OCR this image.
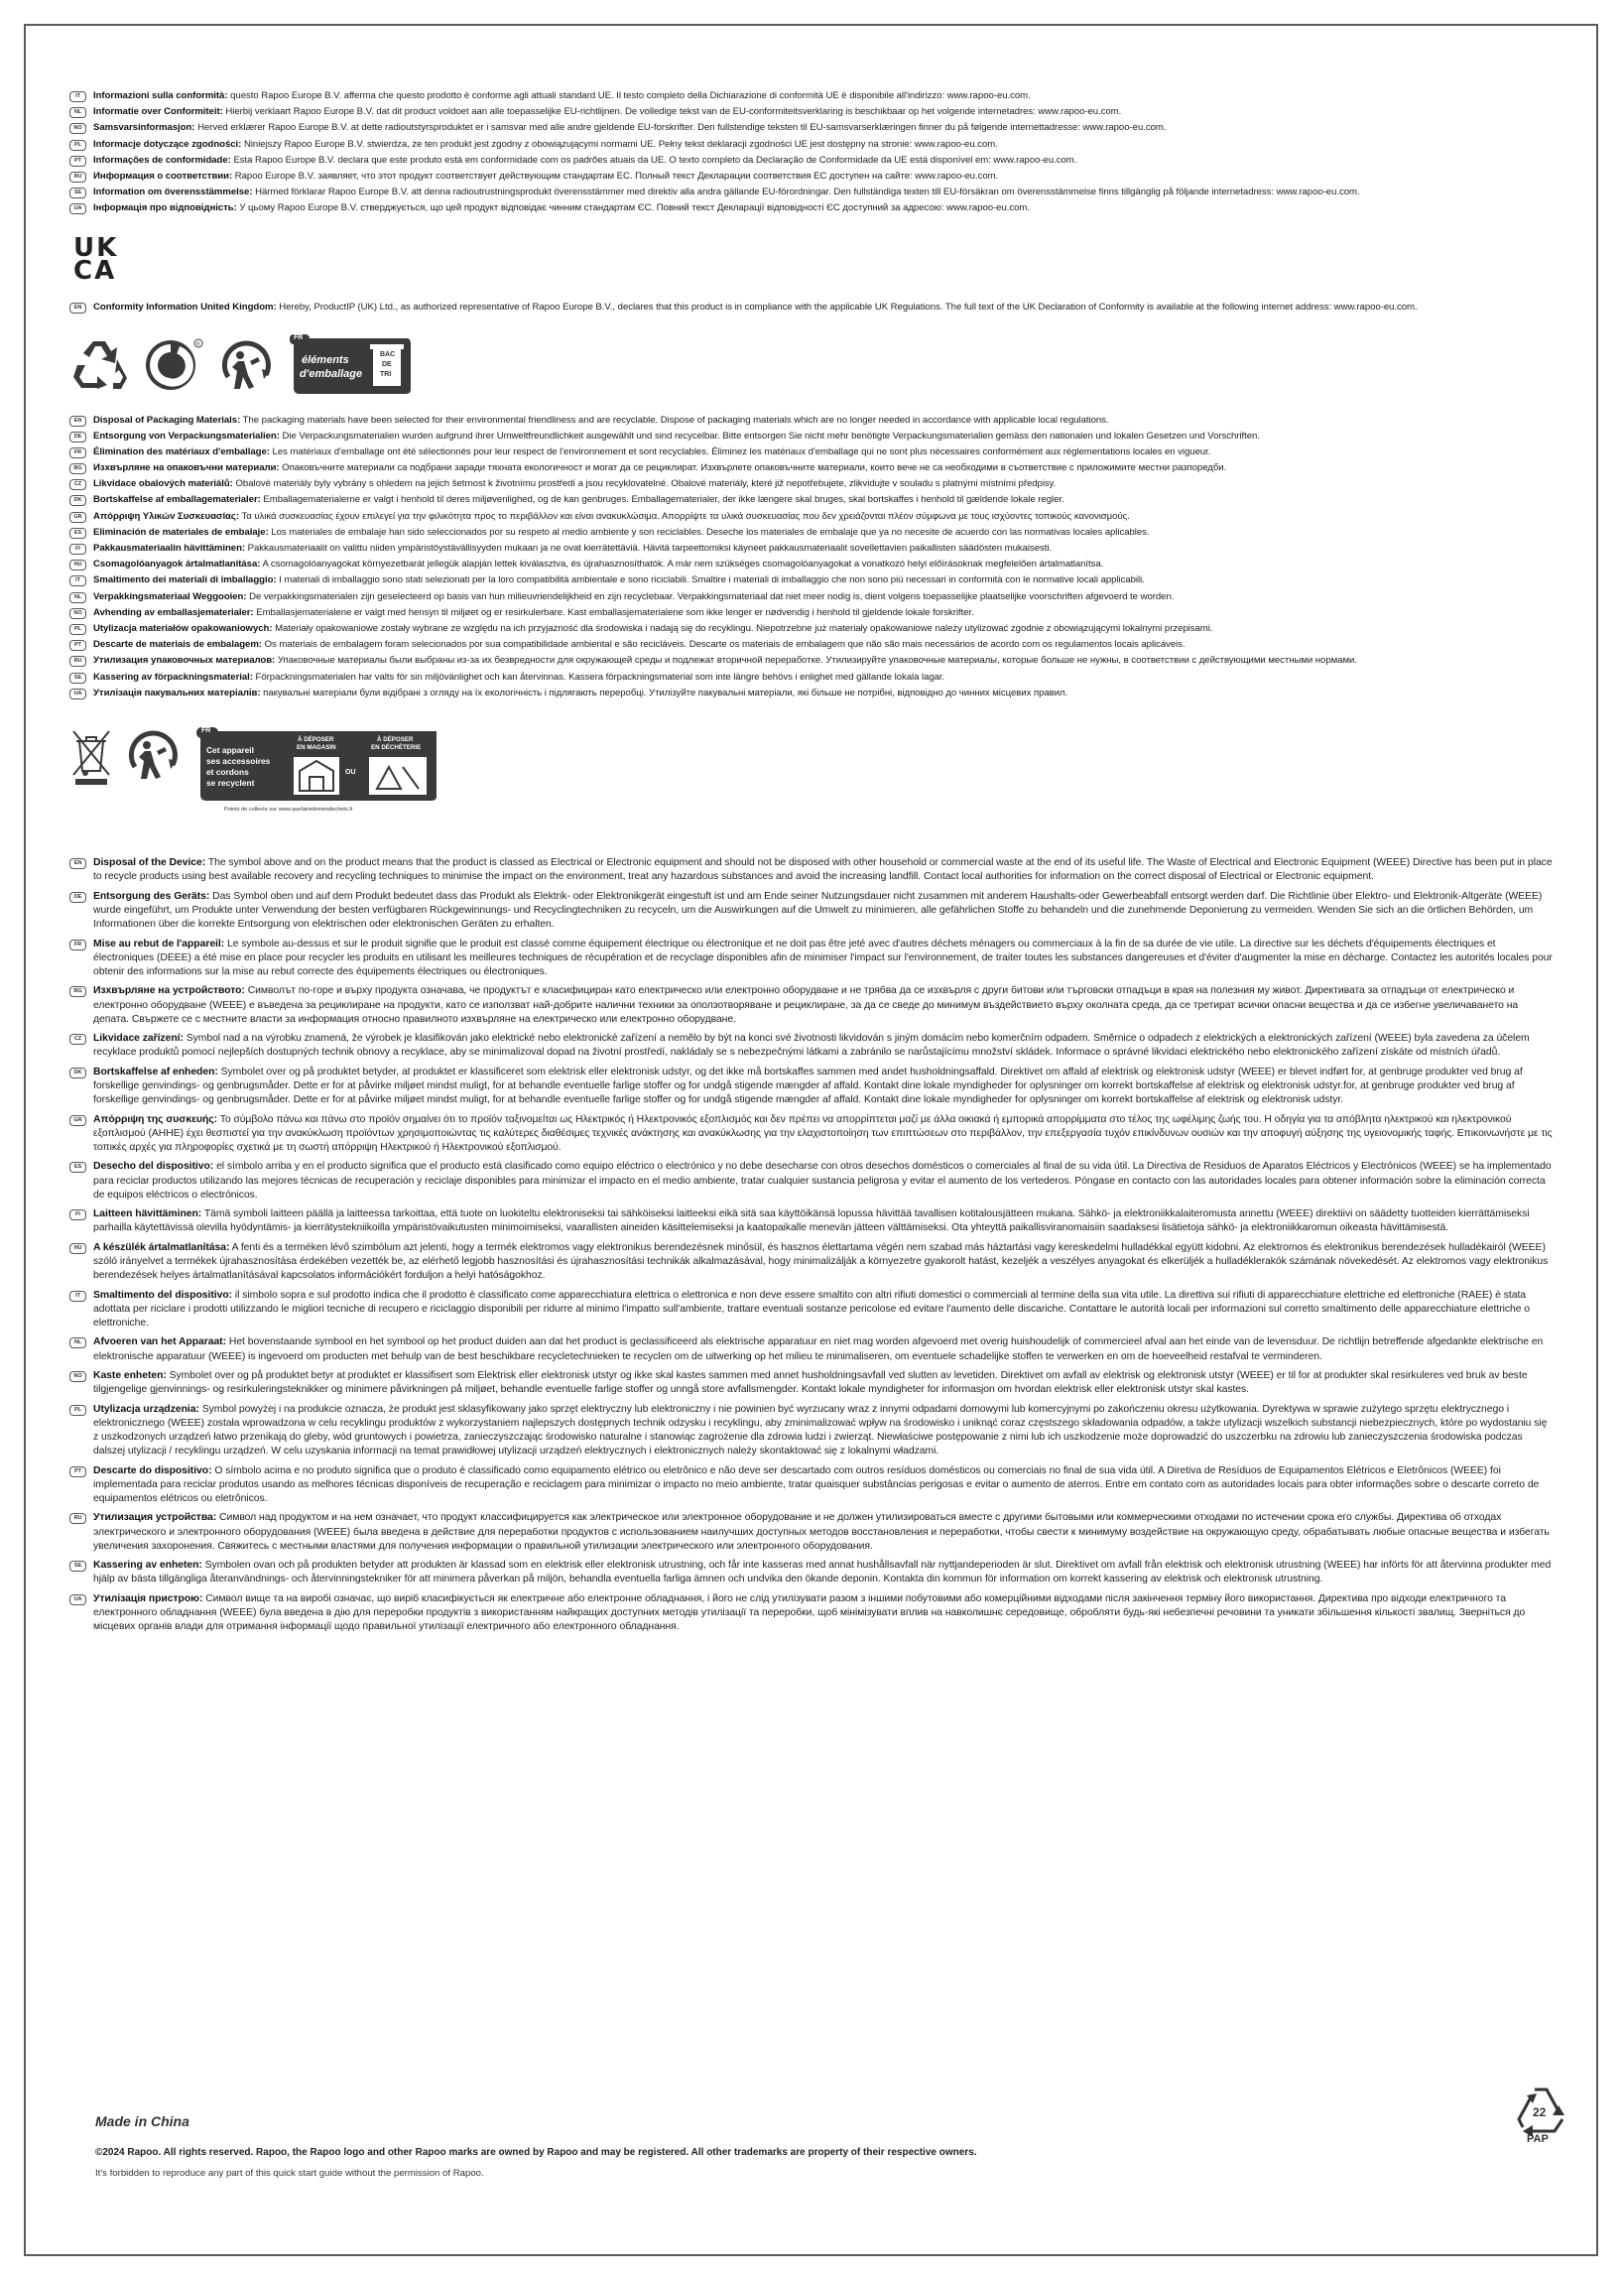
IT	Informazioni sulla conformità: questo Rapoo Europe B.V. afferma che questo prodotto è conforme agli attuali standard UE. Il testo completo della Dichiarazione di conformità UE è disponibile all'indirizzo: www.rapoo-eu.com.
NL	Informatie over Conformiteit: Hierbij verklaart Rapoo Europe B.V. dat dit product voldoet aan alle toepasselijke EU-richtlijnen. De volledige tekst van de EU-conformiteitsverklaring is beschikbaar op het volgende internetadres: www.rapoo-eu.com.
NO	Samsvarsinformasjon: Herved erklærer Rapoo Europe B.V. at dette radioutstyrsproduktet er i samsvar med alle andre gjeldende EU-forskrifter. Den fullstendige teksten til EU-samsvarserklæringen finner du på følgende internettadresse: www.rapoo-eu.com.
PL	Informacje dotyczące zgodności: Niniejszy Rapoo Europe B.V. stwierdza, że ten produkt jest zgodny z obowiązującymi normami UE. Pełny tekst deklaracji zgodności UE jest dostępny na stronie: www.rapoo-eu.com.
PT	Informações de conformidade: Esta Rapoo Europe B.V. declara que este produto está em conformidade com os padrões atuais da UE. O texto completo da Declaração de Conformidade da UE está disponível em: www.rapoo-eu.com.
RU	Информация о соответствии: Rapoo Europe B.V. заявляет, что этот продукт соответствует действующим стандартам ЕС. Полный текст Декларации соответствия ЕС доступен на сайте: www.rapoo-eu.com.
SE	Information om överensstämmelse: Härmed förklarar Rapoo Europe B.V. att denna radioutrustningsprodukt överensstämmer med direktiv alla andra gällande EU-förordningar. Den fullständiga texten till EU-försäkran om överensstämmelse finns tillgänglig på följande internetadress: www.rapoo-eu.com.
UA	Інформація про відповідність: У цьому Rapoo Europe B.V. стверджується, що цей продукт відповідає чинним стандартам ЄС. Повний текст Декларації відповідності ЄС доступний за адресою: www.rapoo-eu.com.
UK
CA
EN	Conformity Information United Kingdom: Hereby, ProductIP (UK) Ltd., as authorized representative of Rapoo Europe B.V., declares that this product is in compliance with the applicable UK Regulations. The full text of the UK Declaration of Conformity is available at the following internet address: www.rapoo-eu.com.
R
FR
éléments
d'emballage
BAC
DE
TRI
EN	Disposal of Packaging Materials: The packaging materials have been selected for their environmental friendliness and are recyclable. Dispose of packaging materials which are no longer needed in accordance with applicable local regulations.
DE	Entsorgung von Verpackungsmaterialien: Die Verpackungsmaterialien wurden aufgrund ihrer Umweltfreundlichkeit ausgewählt und sind recycelbar. Bitte entsorgen Sie nicht mehr benötigte Verpackungsmaterialien gemäss den nationalen und lokalen Gesetzen und Vorschriften.
FR	Élimination des matériaux d'emballage: Les matériaux d'emballage ont été sélectionnés pour leur respect de l'environnement et sont recyclables. Éliminez les matériaux d'emballage qui ne sont plus nécessaires conformément aux réglementations locales en vigueur.
BG	Изхвърляне на опаковъчни материали: Опаковъчните материали са подбрани заради тяхната екологичност и могат да се рециклират. Изхвърлете опаковъчните материали, които вече не са необходими в съответствие с приложимите местни разпоредби.
CZ	Likvidace obalových materiálů: Obalové materiály byly vybrány s ohledem na jejich šetrnost k životnímu prostředí a jsou recyklovatelné. Obalové materiály, které již nepotřebujete, zlikvidujte v souladu s platnými místními předpisy.
DK	Bortskaffelse af emballagematerialer: Emballagematerialerne er valgt i henhold til deres miljøvenlighed, og de kan genbruges. Emballagematerialer, der ikke længere skal bruges, skal bortskaffes i henhold til gældende lokale regler.
GR	Απόρριψη Υλικών Συσκευασίας: Τα υλικά συσκευασίας έχουν επιλεγεί για την φιλικότητα προς το περιβάλλον και είναι ανακυκλώσιμα. Απορρίψτε τα υλικά συσκευασίας που δεν χρειάζονται πλέον σύμφωνα με τους ισχύοντες τοπικούς κανονισμούς.
ES	Eliminación de materiales de embalaje: Los materiales de embalaje han sido seleccionados por su respeto al medio ambiente y son reciclables. Deseche los materiales de embalaje que ya no necesite de acuerdo con las normativas locales aplicables.
FI	Pakkausmateriaalin hävittäminen: Pakkausmateriaalit on valittu niiden ympäristöystävällisyyden mukaan ja ne ovat kierrätettäviä. Hävitä tarpeettomiksi käyneet pakkausmateriaalit sovellettavien paikallisten säädösten mukaisesti.
HU	Csomagolóanyagok ártalmatlanítása: A csomagolóanyagokat környezetbarát jellegük alapján lettek kiválasztva, és újrahasznosíthatók. A már nem szükséges csomagolóanyagokat a vonatkozó helyi előírásoknak megfelelően ártalmatlanítsa.
IT	Smaltimento dei materiali di imballaggio: I materiali di imballaggio sono stati selezionati per la loro compatibilità ambientale e sono riciclabili. Smaltire i materiali di imballaggio che non sono più necessari in conformità con le normative locali applicabili.
NL	Verpakkingsmateriaal Weggooien: De verpakkingsmaterialen zijn geselecteerd op basis van hun milieuvriendelijkheid en zijn recyclebaar. Verpakkingsmateriaal dat niet meer nodig is, dient volgens toepasselijke plaatselijke voorschriften afgevoerd te worden.
NO	Avhending av emballasjematerialer: Emballasjematerialene er valgt med hensyn til miljøet og er resirkulerbare. Kast emballasjematerialene som ikke lenger er nødvendig i henhold til gjeldende lokale forskrifter.
PL	Utylizacja materiałów opakowaniowych: Materiały opakowaniowe zostały wybrane ze względu na ich przyjazność dla środowiska i nadają się do recyklingu. Niepotrzebne już materiały opakowaniowe należy utylizować zgodnie z obowiązującymi lokalnymi przepisami.
PT	Descarte de materiais de embalagem: Os materiais de embalagem foram selecionados por sua compatibilidade ambiental e são recicláveis. Descarte os materiais de embalagem que não são mais necessários de acordo com os regulamentos locais aplicáveis.
RU	Утилизация упаковочных материалов: Упаковочные материалы были выбраны из-за их безвредности для окружающей среды и подлежат вторичной переработке. Утилизируйте упаковочные материалы, которые больше не нужны, в соответствии с действующими местными нормами.
SE	Kassering av förpackningsmaterial: Förpackningsmaterialen har valts för sin miljövänlighet och kan återvinnas. Kassera förpackningsmaterial som inte längre behövs i enlighet med gällande lokala lagar.
UA	Утилізація пакувальних матеріалів: пакувальні матеріали були відібрані з огляду на їх екологічність і підлягають переробці. Утилізуйте пакувальні матеріали, які більше не потрібні, відповідно до чинних місцевих правил.
FR
Cet appareil
ses accessoires
et cordons
se recyclent
À DÉPOSER
EN MAGASIN
À DÉPOSER
EN DÉCHÈTERIE
OU
Points de collecte sur www.quefairedemesdechets.fr
EN	Disposal of the Device: The symbol above and on the product means that the product is classed as Electrical or Electronic equipment and should not be disposed with other household or commercial waste at the end of its useful life. The Waste of Electrical and Electronic Equipment (WEEE) Directive has been put in place to recycle products using best available recovery and recycling techniques to minimise the impact on the environment, treat any hazardous substances and avoid the increasing landfill. Contact local authorities for information on the correct disposal of Electrical or Electronic equipment.
DE	Entsorgung des Geräts: Das Symbol oben und auf dem Produkt bedeutet dass das Produkt als Elektrik- oder Elektronikgerät eingestuft ist und am Ende seiner Nutzungsdauer nicht zusammen mit anderem Haushalts-oder Gewerbeabfall entsorgt werden darf. Die Richtlinie über Elektro- und Elektronik-Altgeräte (WEEE) wurde eingeführt, um Produkte unter Verwendung der besten verfügbaren Rückgewinnungs- und Recyclingtechniken zu recyceln, um die Auswirkungen auf die Umwelt zu minimieren, alle gefährlichen Stoffe zu behandeln und die zunehmende Deponierung zu vermeiden. Wenden Sie sich an die örtlichen Behörden, um Informationen über die korrekte Entsorgung von elektrischen oder elektronischen Geräten zu erhalten.
FR	Mise au rebut de l'appareil: Le symbole au-dessus et sur le produit signifie que le produit est classé comme équipement électrique ou électronique et ne doit pas être jeté avec d'autres déchets ménagers ou commerciaux à la fin de sa durée de vie utile. La directive sur les déchets d'équipements électriques et électroniques (DEEE) a été mise en place pour recycler les produits en utilisant les meilleures techniques de récupération et de recyclage disponibles afin de minimiser l'impact sur l'environnement, de traiter toutes les substances dangereuses et d'éviter d'augmenter la mise en décharge. Contactez les autorités locales pour obtenir des informations sur la mise au rebut correcte des équipements électriques ou électroniques.
BG	Изхвърляне на устройството: Символът по-горе и върху продукта означава, че продуктът е класифициран като електрическо или електронно оборудване и не трябва да се изхвърля с други битови или търговски отпадъци в края на полезния му живот. Директивата за отпадъци от електрическо и електронно оборудване (WEEE) е въведена за рециклиране на продукти, като се използват най-добрите налични техники за оползотворяване и рециклиране, за да се сведе до минимум въздействието върху околната среда, да се третират всички опасни вещества и да се избегне увеличаването на депата. Свържете се с местните власти за информация относно правилното изхвърляне на електрическо или електронно оборудване.
CZ	Likvidace zařízení: Symbol nad a na výrobku znamená, že výrobek je klasifikován jako elektrické nebo elektronické zařízení a nemělo by být na konci své životnosti likvidován s jiným domácím nebo komerčním odpadem. Směrnice o odpadech z elektrických a elektronických zařízení (WEEE) byla zavedena za účelem recyklace produktů pomocí nejlepších dostupných technik obnovy a recyklace, aby se minimalizoval dopad na životní prostředí, nakládaly se s nebezpečnými látkami a zabránilo se narůstajícímu množství skládek. Informace o správné likvidaci elektrického nebo elektronického zařízení získáte od místních úřadů.
DK	Bortskaffelse af enheden: Symbolet over og på produktet betyder, at produktet er klassificeret som elektrisk eller elektronisk udstyr, og det ikke må bortskaffes sammen med andet husholdningsaffald. Direktivet om affald af elektrisk og elektronisk udstyr (WEEE) er blevet indført for, at genbruge produkter ved brug af forskellige genvindings- og genbrugsmåder. Dette er for at påvirke miljøet mindst muligt, for at behandle eventuelle farlige stoffer og for undgå stigende mængder af affald. Kontakt dine lokale myndigheder for oplysninger om korrekt bortskaffelse af elektrisk og elektronisk udstyr.for, at genbruge produkter ved brug af forskellige genvindings- og genbrugsmåder. Dette er for at påvirke miljøet mindst muligt, for at behandle eventuelle farlige stoffer og for undgå stigende mængder af affald. Kontakt dine lokale myndigheder for oplysninger om korrekt bortskaffelse af elektrisk og elektronisk udstyr.
GR	Απόρριψη της συσκευής: Το σύμβολο πάνω και πάνω στο προϊόν σημαίνει ότι το προϊόν ταξινομείται ως Ηλεκτρικός ή Ηλεκτρονικός εξοπλισμός και δεν πρέπει να απορρίπτεται μαζί με άλλα οικιακά ή εμπορικά απορρίμματα στο τέλος της ωφέλιμης ζωής του. Η οδηγία για τα απόβλητα ηλεκτρικού και ηλεκτρονικού εξοπλισμού (ΑΗΗΕ) έχει θεσπιστεί για την ανακύκλωση προϊόντων χρησιμοποιώντας τις καλύτερες διαθέσιμες τεχνικές ανάκτησης και ανακύκλωσης για την ελαχιστοποίηση των επιπτώσεων στο περιβάλλον, την επεξεργασία τυχόν επικίνδυνων ουσιών και την αποφυγή αύξησης της υγειονομικής ταφής. Επικοινωνήστε με τις τοπικές αρχές για πληροφορίες σχετικά με τη σωστή απόρριψη Ηλεκτρικού ή Ηλεκτρονικού εξοπλισμού.
ES	Desecho del dispositivo: el símbolo arriba y en el producto significa que el producto está clasificado como equipo eléctrico o electrónico y no debe desecharse con otros desechos domésticos o comerciales al final de su vida útil. La Directiva de Residuos de Aparatos Eléctricos y Electrónicos (WEEE) se ha implementado para reciclar productos utilizando las mejores técnicas de recuperación y reciclaje disponibles para minimizar el impacto en el medio ambiente, tratar cualquier sustancia peligrosa y evitar el aumento de los vertederos. Póngase en contacto con las autoridades locales para obtener información sobre la eliminación correcta de equipos eléctricos o electrónicos.
FI	Laitteen hävittäminen: Tämä symboli laitteen päällä ja laitteessa tarkoittaa, että tuote on luokiteltu elektroniseksi tai sähköiseksi laitteeksi eikä sitä saa käyttöikänsä lopussa hävittää tavallisen kotitalousjätteen mukana. Sähkö- ja elektroniikkalaiteromusta annettu (WEEE) direktiivi on säädetty tuotteiden kierrättämiseksi parhailla käytettävissä olevilla hyödyntämis- ja kierrätystekniikoilla ympäristövaikutusten minimoimiseksi, vaarallisten aineiden käsittelemiseksi ja kaatopaikalle menevän jätteen välttämiseksi. Ota yhteyttä paikallisviranomaisiin saadaksesi lisätietoja sähkö- ja elektroniikkaromun oikeasta hävittämisestä.
HU	A készülék ártalmatlanítása: A fenti és a terméken lévő szimbólum azt jelenti, hogy a termék elektromos vagy elektronikus berendezésnek minősül, és hasznos élettartama végén nem szabad más háztartási vagy kereskedelmi hulladékkal együtt kidobni. Az elektromos és elektronikus berendezések hulladékairól (WEEE) szóló irányelvet a termékek újrahasznosítása érdekében vezették be, az elérhető legjobb hasznosítási és újrahasznosítási technikák alkalmazásával, hogy minimalizálják a környezetre gyakorolt hatást, kezeljék a veszélyes anyagokat és elkerüljék a hulladéklerakók számának növekedését. Az elektromos vagy elektronikus berendezések helyes ártalmatlanításával kapcsolatos információkért forduljon a helyi hatóságokhoz.
IT	Smaltimento del dispositivo: il simbolo sopra e sul prodotto indica che il prodotto è classificato come apparecchiatura elettrica o elettronica e non deve essere smaltito con altri rifiuti domestici o commerciali al termine della sua vita utile. La direttiva sui rifiuti di apparecchiature elettriche ed elettroniche (RAEE) è stata adottata per riciclare i prodotti utilizzando le migliori tecniche di recupero e riciclaggio disponibili per ridurre al minimo l'impatto sull'ambiente, trattare eventuali sostanze pericolose ed evitare l'aumento delle discariche. Contattare le autorità locali per informazioni sul corretto smaltimento delle apparecchiature elettriche o elettroniche.
NL	Afvoeren van het Apparaat: Het bovenstaande symbool en het symbool op het product duiden aan dat het product is geclassificeerd als elektrische apparatuur en niet mag worden afgevoerd met overig huishoudelijk of commercieel afval aan het einde van de levensduur. De richtlijn betreffende afgedankte elektrische en elektronische apparatuur (WEEE) is ingevoerd om producten met behulp van de best beschikbare recycletechnieken te recyclen om de uitwerking op het milieu te minimaliseren, om eventuele schadelijke stoffen te verwerken en om de hoeveelheid restafval te verminderen.
NO	Kaste enheten: Symbolet over og på produktet betyr at produktet er klassifisert som Elektrisk eller elektronisk utstyr og ikke skal kastes sammen med annet husholdningsavfall ved slutten av levetiden. Direktivet om avfall av elektrisk og elektronisk utstyr (WEEE) er til for at produkter skal resirkuleres ved bruk av beste tilgjengelige gjenvinnings- og resirkuleringsteknikker og minimere påvirkningen på miljøet, behandle eventuelle farlige stoffer og unngå store avfallsmengder. Kontakt lokale myndigheter for informasjon om hvordan elektrisk eller elektronisk utstyr skal kastes.
PL	Utylizacja urządzenia: Symbol powyżej i na produkcie oznacza, że produkt jest sklasyfikowany jako sprzęt elektryczny lub elektroniczny i nie powinien być wyrzucany wraz z innymi odpadami domowymi lub komercyjnymi po zakończeniu okresu użytkowania. Dyrektywa w sprawie zużytego sprzętu elektrycznego i elektronicznego (WEEE) została wprowadzona w celu recyklingu produktów z wykorzystaniem najlepszych dostępnych technik odzysku i recyklingu, aby zminimalizować wpływ na środowisko i uniknąć coraz częstszego składowania odpadów, a także utylizacji wszelkich substancji niebezpiecznych, które po wydostaniu się z uszkodzonych urządzeń łatwo przenikają do gleby, wód gruntowych i powietrza, zanieczyszczając środowisko naturalne i stanowiąc zagrożenie dla zdrowia ludzi i zwierząt. Niewłaściwe postępowanie z nimi lub ich uszkodzenie może doprowadzić do uszczerbku na zdrowiu lub zanieczyszczenia środowiska podczas dalszej utylizacji / recyklingu urządzeń. W celu uzyskania informacji na temat prawidłowej utylizacji urządzeń elektrycznych i elektronicznych należy skontaktować się z lokalnymi władzami.
PT	Descarte do dispositivo: O símbolo acima e no produto significa que o produto é classificado como equipamento elétrico ou eletrônico e não deve ser descartado com outros resíduos domésticos ou comerciais no final de sua vida útil. A Diretiva de Resíduos de Equipamentos Elétricos e Eletrônicos (WEEE) foi implementada para reciclar produtos usando as melhores técnicas disponíveis de recuperação e reciclagem para minimizar o impacto no meio ambiente, tratar quaisquer substâncias perigosas e evitar o aumento de aterros. Entre em contato com as autoridades locais para obter informações sobre o descarte correto de equipamentos elétricos ou eletrônicos.
RU	Утилизация устройства: Символ над продуктом и на нем означает, что продукт классифицируется как электрическое или электронное оборудование и не должен утилизироваться вместе с другими бытовыми или коммерческими отходами по истечении срока его службы. Директива об отходах электрического и электронного оборудования (WEEE) была введена в действие для переработки продуктов с использованием наилучших доступных методов восстановления и переработки, чтобы свести к минимуму воздействие на окружающую среду, обрабатывать любые опасные вещества и избегать увеличения захоронения. Свяжитесь с местными властями для получения информации о правильной утилизации электрического или электронного оборудования.
SE	Kassering av enheten: Symbolen ovan och på produkten betyder att produkten är klassad som en elektrisk eller elektronisk utrustning, och får inte kasseras med annat hushållsavfall när nyttjandeperioden är slut. Direktivet om avfall från elektrisk och elektronisk utrustning (WEEE) har införts för att återvinna produkter med hjälp av bästa tillgängliga återanvändnings- och återvinningstekniker för att minimera påverkan på miljön, behandla eventuella farliga ämnen och undvika den ökande deponin. Kontakta din kommun för information om korrekt kassering av elektrisk och elektronisk utrustning.
UA	Утилізація пристрою: Символ вище та на виробі означає, що виріб класифікується як електричне або електронне обладнання, і його не слід утилізувати разом з іншими побутовими або комерційними відходами після закінчення терміну його використання. Директива про відходи електричного та електронного обладнання (WEEE) була введена в дію для переробки продуктів з використанням найкращих доступних методів утилізації та переробки, щоб мінімізувати вплив на навколишнє середовище, обробляти будь-які небезпечні речовини та уникати збільшення кількості звалищ. Зверніться до місцевих органів влади для отримання інформації щодо правильної утилізації електричного або електронного обладнання.
Made in China
©2024 Rapoo. All rights reserved. Rapoo, the Rapoo logo and other Rapoo marks are owned by Rapoo and may be registered. All other trademarks are property of their respective owners.
It's forbidden to reproduce any part of this quick start guide without the permission of Rapoo.
22
PAP
